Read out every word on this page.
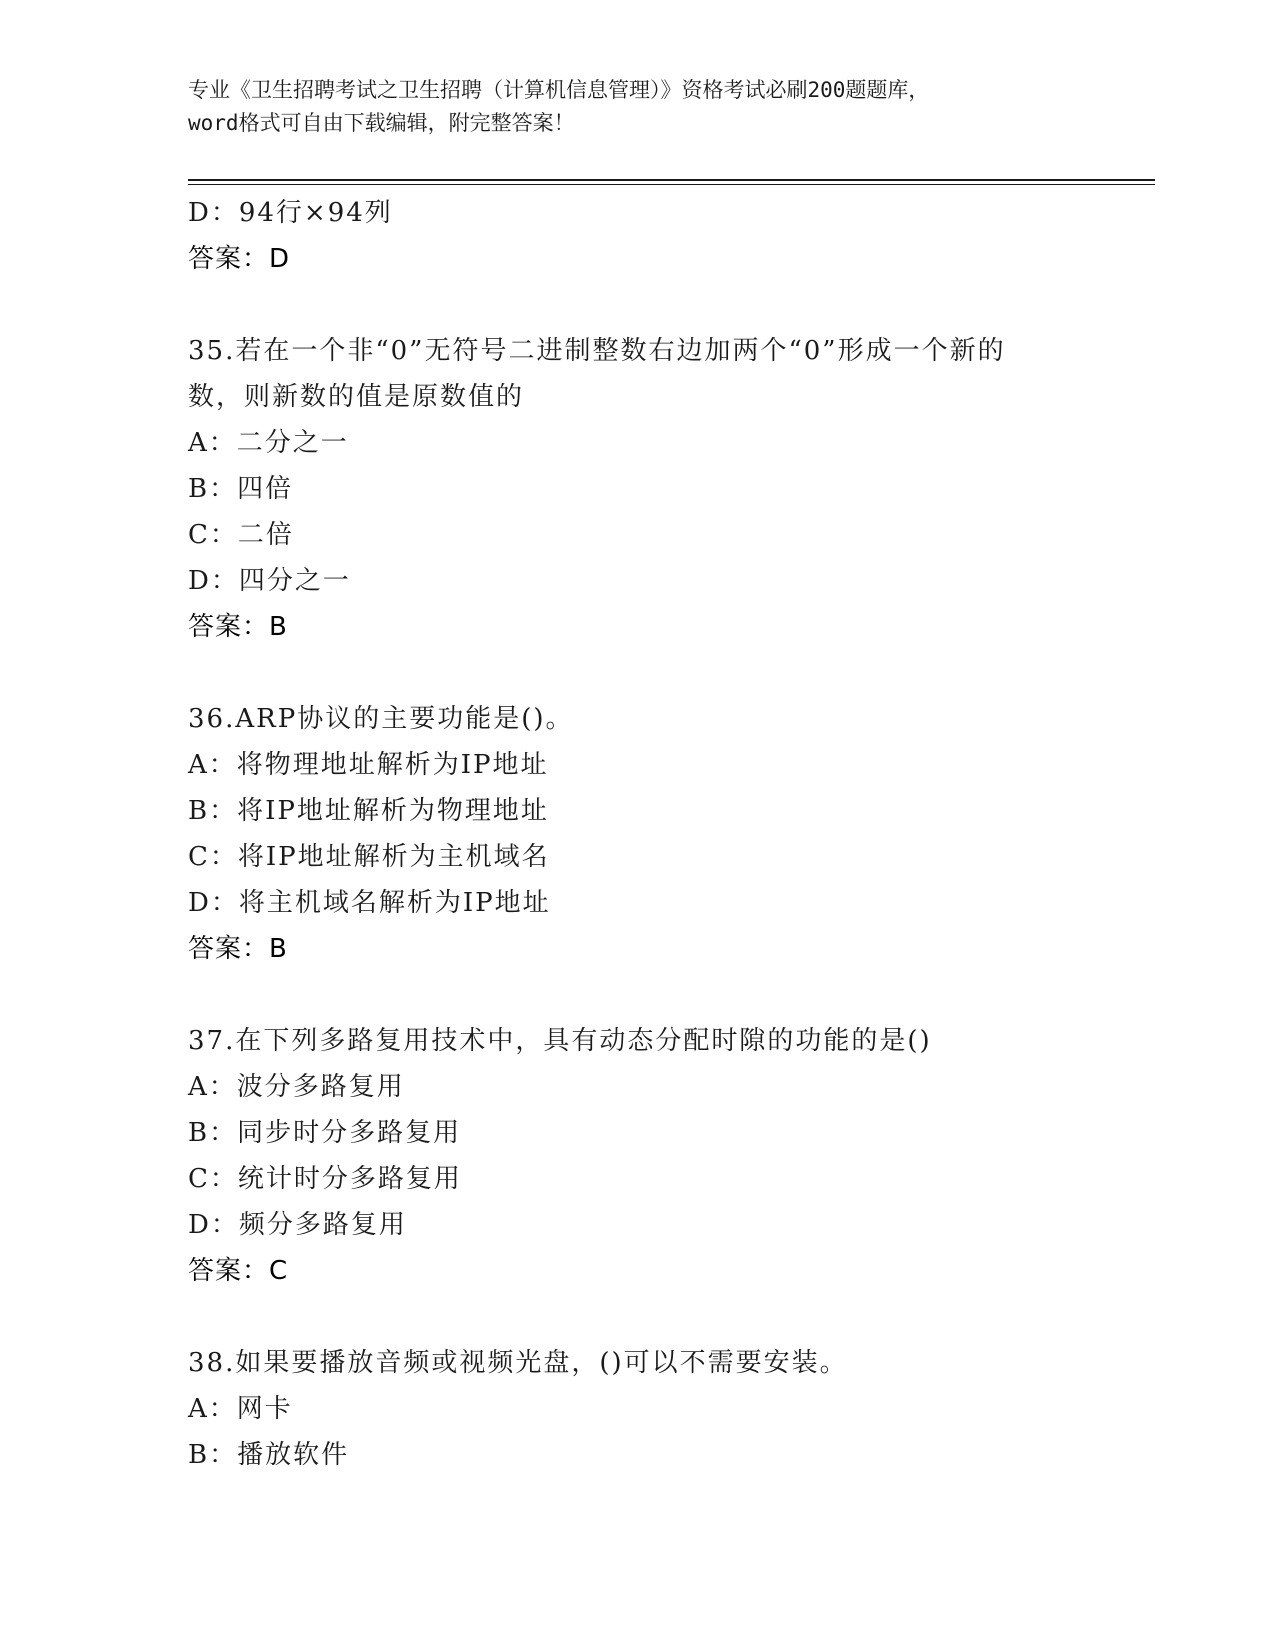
专业《卫生招聘考试之卫生招聘（计算机信息管理）》资格考试必刷200题题库，
word格式可自由下载编辑，附完整答案！
D：94行×94列
答案：D
35.若在一个非“0”无符号二进制整数右边加两个“0”形成一个新的
数，则新数的值是原数值的
A：二分之一
B：四倍
C：二倍
D：四分之一
答案：B
36.ARP协议的主要功能是()。
A：将物理地址解析为IP地址
B：将IP地址解析为物理地址
C：将IP地址解析为主机域名
D：将主机域名解析为IP地址
答案：B
37.在下列多路复用技术中，具有动态分配时隙的功能的是()
A：波分多路复用
B：同步时分多路复用
C：统计时分多路复用
D：频分多路复用
答案：C
38.如果要播放音频或视频光盘，()可以不需要安装。
A：网卡
B：播放软件
